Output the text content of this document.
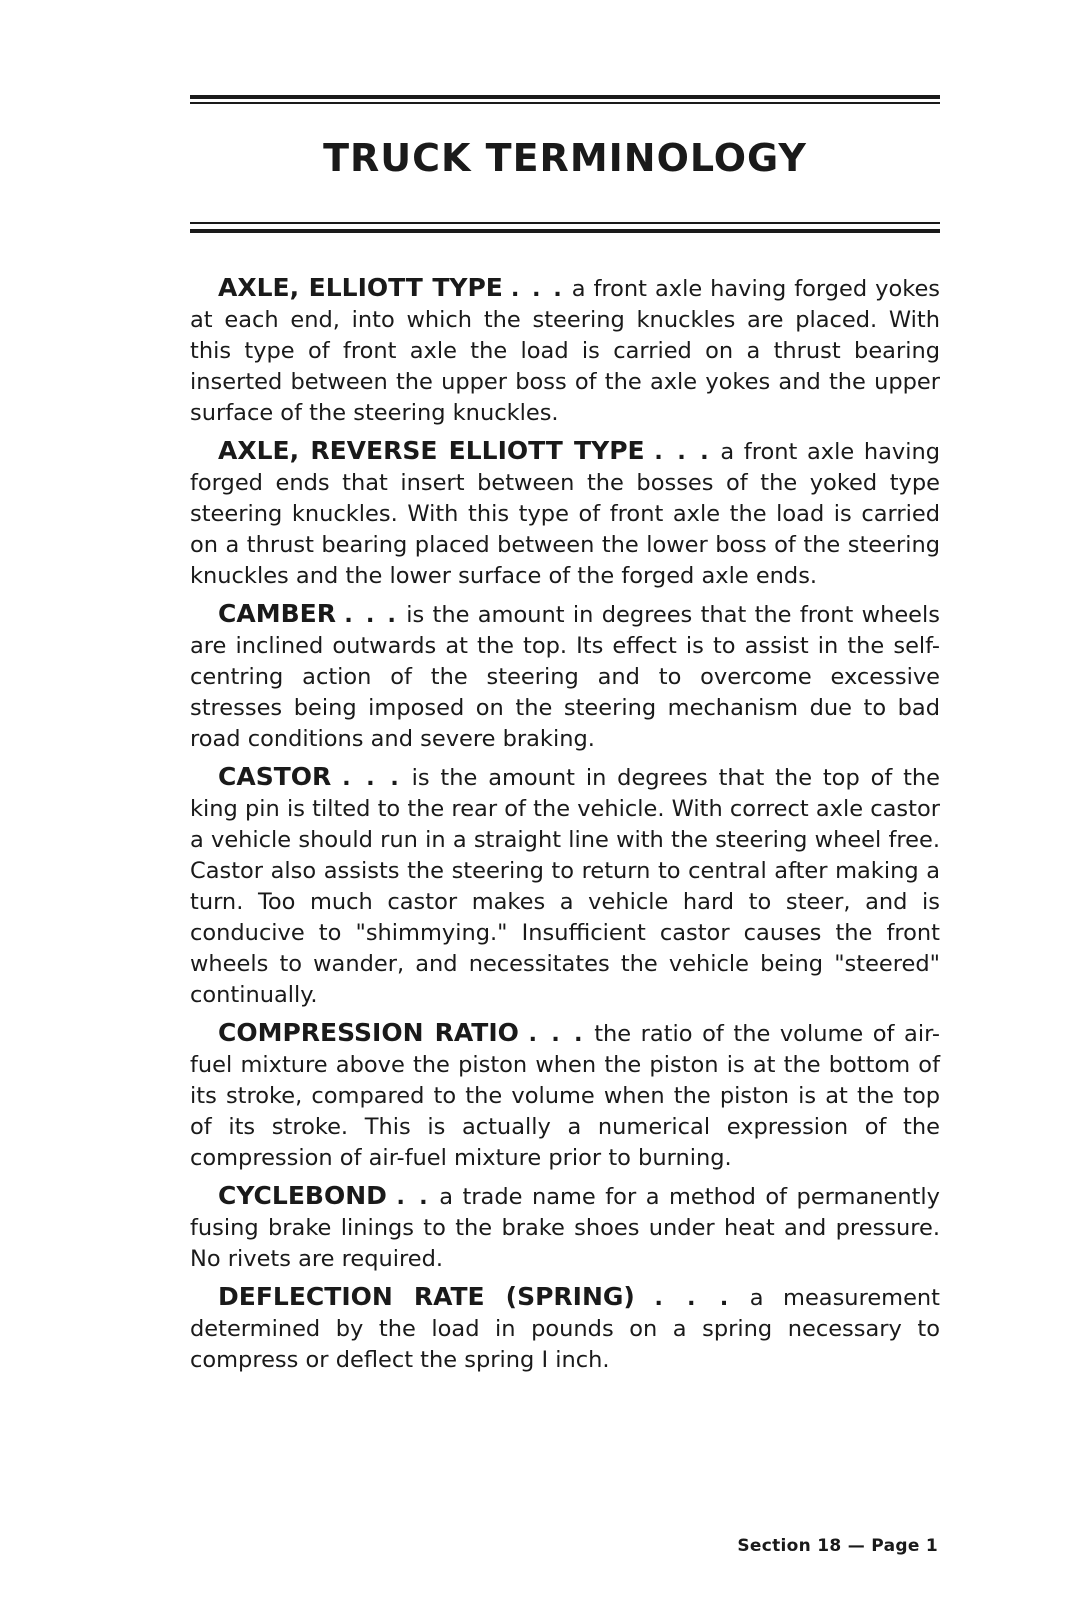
TRUCK TERMINOLOGY

AXLE, ELLIOTT TYPE . . . a front axle having forged yokes at each end, into which the steering knuckles are placed. With this type of front axle the load is carried on a thrust bearing inserted between the upper boss of the axle yokes and the upper surface of the steering knuckles.

AXLE, REVERSE ELLIOTT TYPE . . . a front axle having forged ends that insert between the bosses of the yoked type steering knuckles. With this type of front axle the load is carried on a thrust bearing placed between the lower boss of the steering knuckles and the lower surface of the forged axle ends.

CAMBER . . . is the amount in degrees that the front wheels are inclined outwards at the top. Its effect is to assist in the self-centring action of the steering and to overcome excessive stresses being imposed on the steering mechanism due to bad road conditions and severe braking.

CASTOR . . . is the amount in degrees that the top of the king pin is tilted to the rear of the vehicle. With correct axle castor a vehicle should run in a straight line with the steering wheel free. Castor also assists the steering to return to central after making a turn. Too much castor makes a vehicle hard to steer, and is conducive to "shimmying." Insufficient castor causes the front wheels to wander, and necessitates the vehicle being "steered" continually.

COMPRESSION RATIO . . . the ratio of the volume of air-fuel mixture above the piston when the piston is at the bottom of its stroke, compared to the volume when the piston is at the top of its stroke. This is actually a numerical expression of the compression of air-fuel mixture prior to burning.

CYCLEBOND . . a trade name for a method of permanently fusing brake linings to the brake shoes under heat and pressure. No rivets are required.

DEFLECTION RATE (SPRING) . . . a measurement determined by the load in pounds on a spring necessary to compress or deflect the spring I inch.

Section 18 — Page 1
